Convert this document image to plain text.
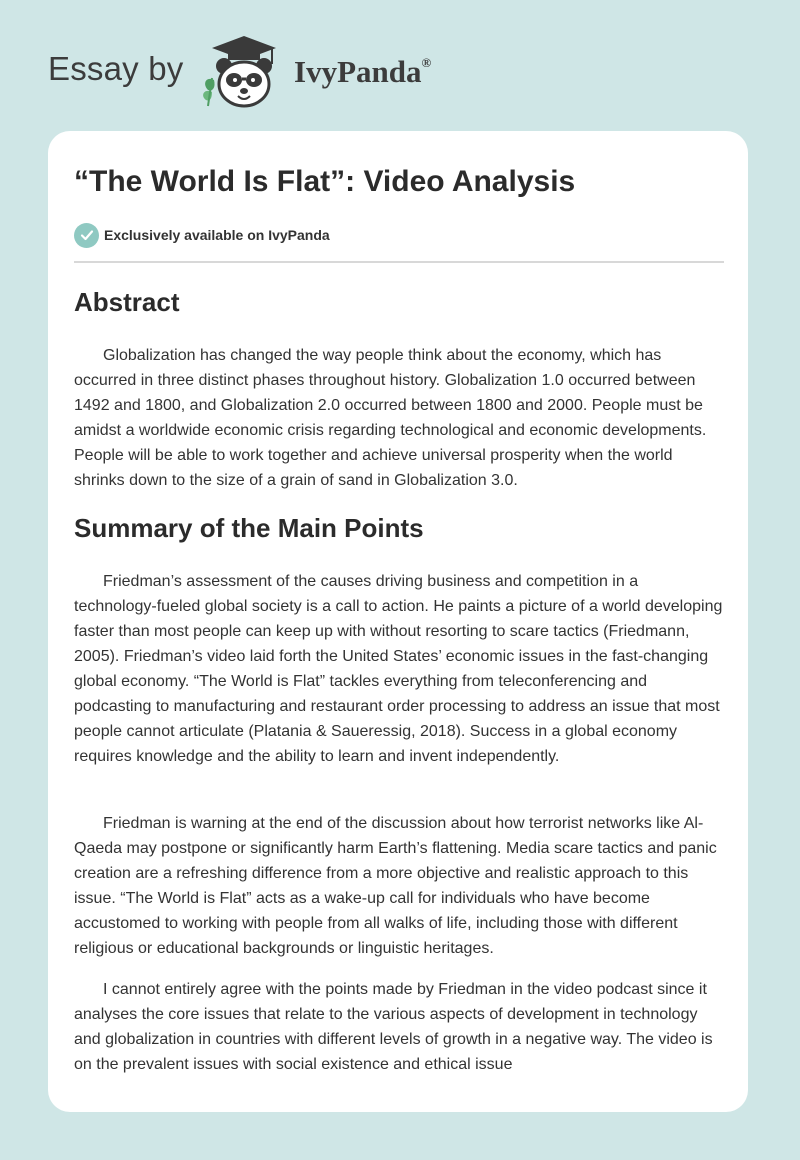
Essay by	IvyPanda®
“The World Is Flat”: Video Analysis
Exclusively available on IvyPanda
Abstract

Globalization has changed the way people think about the economy, which has occurred in three distinct phases throughout history. Globalization 1.0 occurred between 1492 and 1800, and Globalization 2.0 occurred between 1800 and 2000. People must be amidst a worldwide economic crisis regarding technological and economic developments. People will be able to work together and achieve universal prosperity when the world shrinks down to the size of a grain of sand in Globalization 3.0.

Summary of the Main Points

Friedman’s assessment of the causes driving business and competition in a technology-fueled global society is a call to action. He paints a picture of a world developing faster than most people can keep up with without resorting to scare tactics (Friedmann, 2005). Friedman’s video laid forth the United States’ economic issues in the fast-changing global economy. “The World is Flat” tackles everything from teleconferencing and podcasting to manufacturing and restaurant order processing to address an issue that most people cannot articulate (Platania & Saueressig, 2018). Success in a global economy requires knowledge and the ability to learn and invent independently.

Friedman is warning at the end of the discussion about how terrorist networks like Al-Qaeda may postpone or significantly harm Earth’s flattening. Media scare tactics and panic creation are a refreshing difference from a more objective and realistic approach to this issue. “The World is Flat” acts as a wake-up call for individuals who have become accustomed to working with people from all walks of life, including those with different religious or educational backgrounds or linguistic heritages.

I cannot entirely agree with the points made by Friedman in the video podcast since it analyses the core issues that relate to the various aspects of development in technology and globalization in countries with different levels of growth in a negative way. The video is on the prevalent issues with social existence and ethical issue
